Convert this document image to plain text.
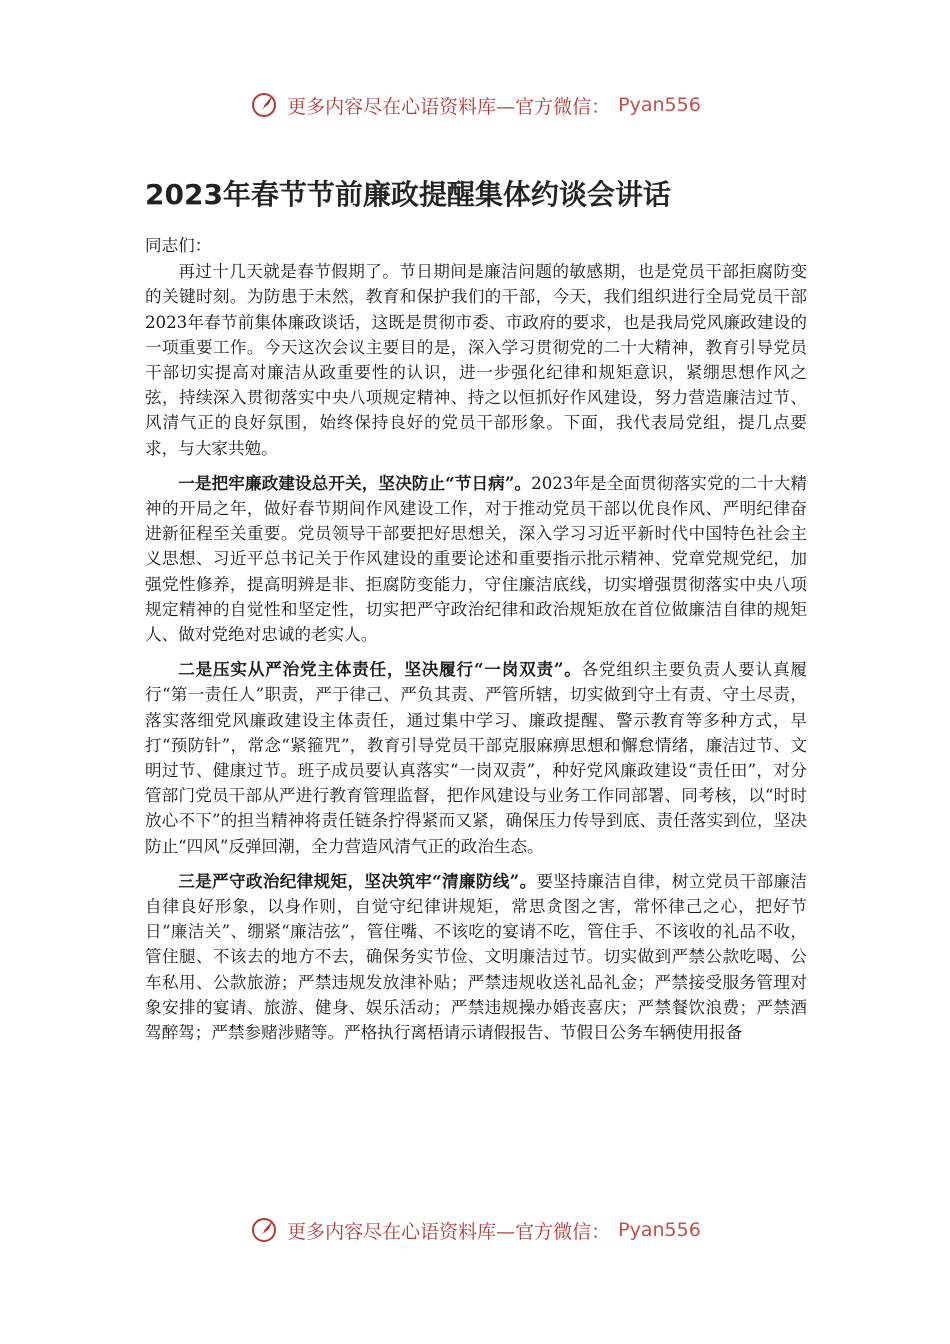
更多内容尽在心语资料库—官方微信： Pyan556
2023年春节节前廉政提醒集体约谈会讲话

同志们：

再过十几天就是春节假期了。节日期间是廉洁问题的敏感期，也是党员干部拒腐防变的关键时刻。为防患于未然，教育和保护我们的干部，今天，我们组织进行全局党员干部2023年春节前集体廉政谈话，这既是贯彻市委、市政府的要求，也是我局党风廉政建设的一项重要工作。今天这次会议主要目的是，深入学习贯彻党的二十大精神，教育引导党员干部切实提高对廉洁从政重要性的认识，进一步强化纪律和规矩意识，紧绷思想作风之弦，持续深入贯彻落实中央八项规定精神、持之以恒抓好作风建设，努力营造廉洁过节、风清气正的良好氛围，始终保持良好的党员干部形象。下面，我代表局党组，提几点要求，与大家共勉。

一是把牢廉政建设总开关，坚决防止“节日病”。2023年是全面贯彻落实党的二十大精神的开局之年，做好春节期间作风建设工作，对于推动党员干部以优良作风、严明纪律奋进新征程至关重要。党员领导干部要把好思想关，深入学习习近平新时代中国特色社会主义思想、习近平总书记关于作风建设的重要论述和重要指示批示精神、党章党规党纪，加强党性修养，提高明辨是非、拒腐防变能力，守住廉洁底线，切实增强贯彻落实中央八项规定精神的自觉性和坚定性，切实把严守政治纪律和政治规矩放在首位做廉洁自律的规矩人、做对党绝对忠诚的老实人。

二是压实从严治党主体责任，坚决履行“一岗双责”。各党组织主要负责人要认真履行“第一责任人”职责，严于律己、严负其责、严管所辖，切实做到守土有责、守土尽责，落实落细党风廉政建设主体责任，通过集中学习、廉政提醒、警示教育等多种方式，早打“预防针”，常念“紧箍咒”，教育引导党员干部克服麻痹思想和懈怠情绪，廉洁过节、文明过节、健康过节。班子成员要认真落实“一岗双责”，种好党风廉政建设“责任田”，对分管部门党员干部从严进行教育管理监督，把作风建设与业务工作同部署、同考核，以“时时放心不下”的担当精神将责任链条拧得紧而又紧，确保压力传导到底、责任落实到位，坚决防止“四风”反弹回潮，全力营造风清气正的政治生态。

三是严守政治纪律规矩，坚决筑牢“清廉防线”。要坚持廉洁自律，树立党员干部廉洁自律良好形象，以身作则，自觉守纪律讲规矩，常思贪图之害，常怀律己之心，把好节日“廉洁关”、绷紧“廉洁弦”，管住嘴、不该吃的宴请不吃，管住手、不该收的礼品不收，管住腿、不该去的地方不去，确保务实节俭、文明廉洁过节。切实做到严禁公款吃喝、公车私用、公款旅游；严禁违规发放津补贴；严禁违规收送礼品礼金；严禁接受服务管理对象安排的宴请、旅游、健身、娱乐活动；严禁违规操办婚丧喜庆；严禁餐饮浪费；严禁酒驾醉驾；严禁参赌涉赌等。严格执行离梧请示请假报告、节假日公务车辆使用报备

更多内容尽在心语资料库—官方微信： Pyan556
